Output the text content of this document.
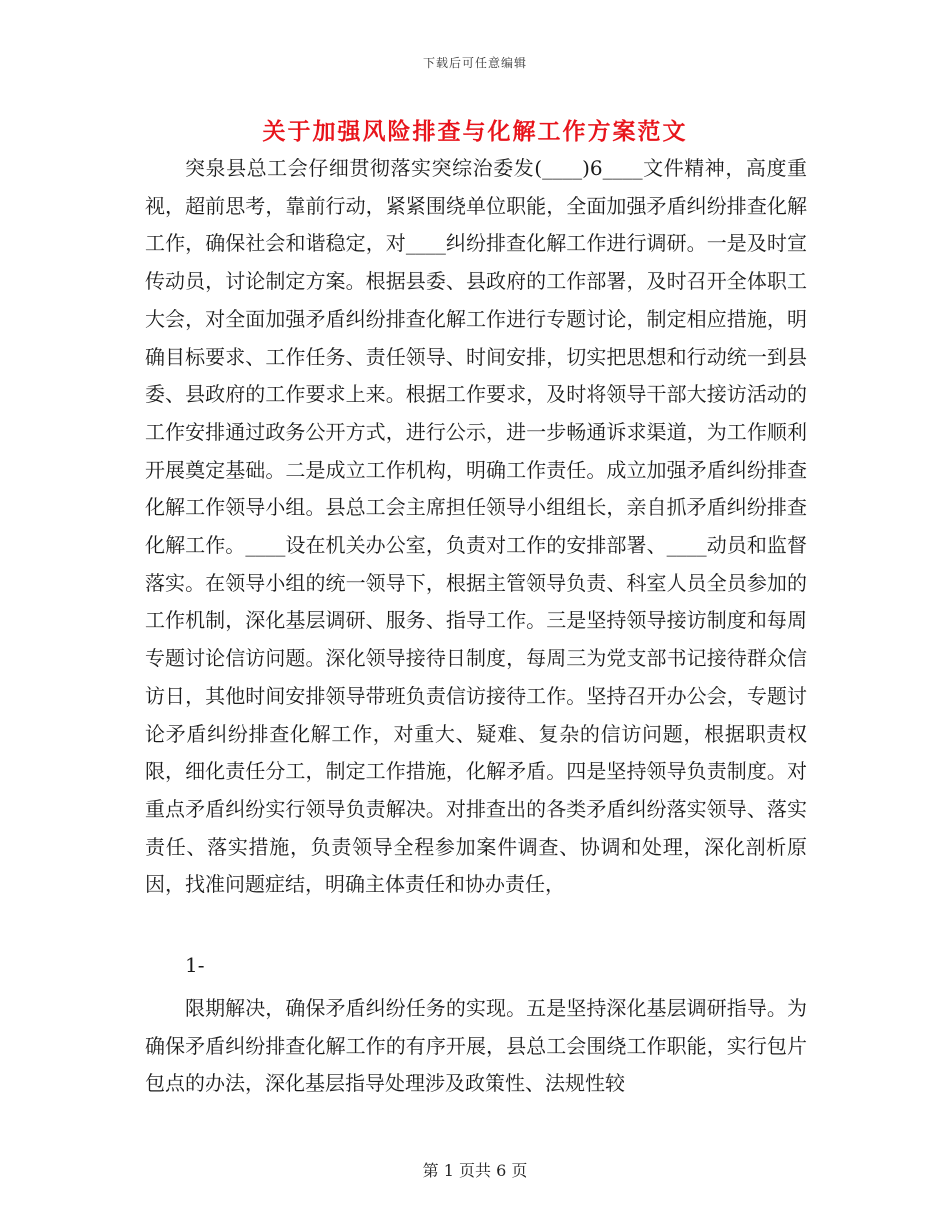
下载后可任意编辑
关于加强风险排查与化解工作方案范文

突泉县总工会仔细贯彻落实突综治委发(____)6____文件精神，高度重视，超前思考，靠前行动，紧紧围绕单位职能，全面加强矛盾纠纷排查化解工作，确保社会和谐稳定，对____纠纷排查化解工作进行调研。一是及时宣传动员，讨论制定方案。根据县委、县政府的工作部署，及时召开全体职工大会，对全面加强矛盾纠纷排查化解工作进行专题讨论，制定相应措施，明确目标要求、工作任务、责任领导、时间安排，切实把思想和行动统一到县委、县政府的工作要求上来。根据工作要求，及时将领导干部大接访活动的工作安排通过政务公开方式，进行公示，进一步畅通诉求渠道，为工作顺利开展奠定基础。二是成立工作机构，明确工作责任。成立加强矛盾纠纷排查化解工作领导小组。县总工会主席担任领导小组组长，亲自抓矛盾纠纷排查化解工作。____设在机关办公室，负责对工作的安排部署、____动员和监督落实。在领导小组的统一领导下，根据主管领导负责、科室人员全员参加的工作机制，深化基层调研、服务、指导工作。三是坚持领导接访制度和每周专题讨论信访问题。深化领导接待日制度，每周三为党支部书记接待群众信访日，其他时间安排领导带班负责信访接待工作。坚持召开办公会，专题讨论矛盾纠纷排查化解工作，对重大、疑难、复杂的信访问题，根据职责权限，细化责任分工，制定工作措施，化解矛盾。四是坚持领导负责制度。对重点矛盾纠纷实行领导负责解决。对排查出的各类矛盾纠纷落实领导、落实责任、落实措施，负责领导全程参加案件调查、协调和处理，深化剖析原因，找准问题症结，明确主体责任和协办责任，

1-

限期解决，确保矛盾纠纷任务的实现。五是坚持深化基层调研指导。为确保矛盾纠纷排查化解工作的有序开展，县总工会围绕工作职能，实行包片包点的办法，深化基层指导处理涉及政策性、法规性较

第 1 页共 6 页
